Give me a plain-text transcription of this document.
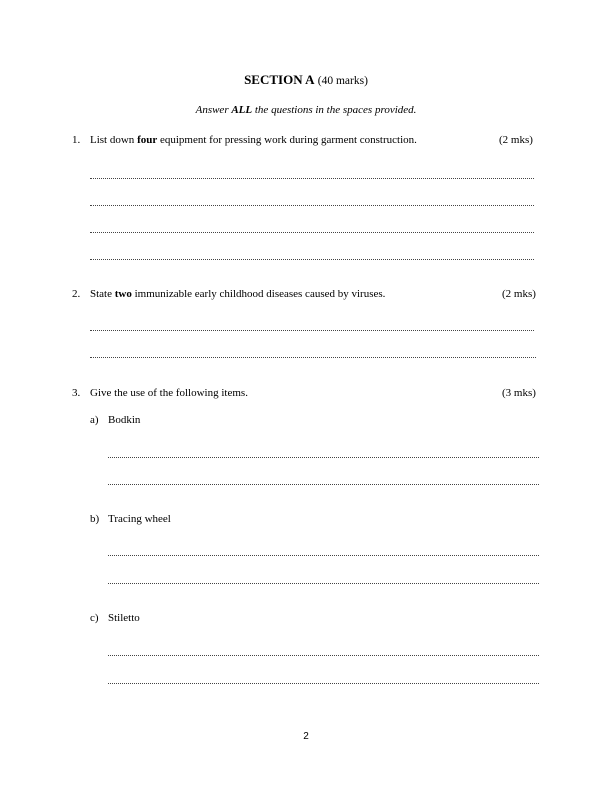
SECTION A (40 marks)
Answer ALL the questions in the spaces provided.
1. List down four equipment for pressing work during garment construction.	(2 mks)
2. State two immunizable early childhood diseases caused by viruses.	(2 mks)
3. Give the use of the following items.	(3 mks)
a) Bodkin
b) Tracing wheel
c) Stiletto
2
